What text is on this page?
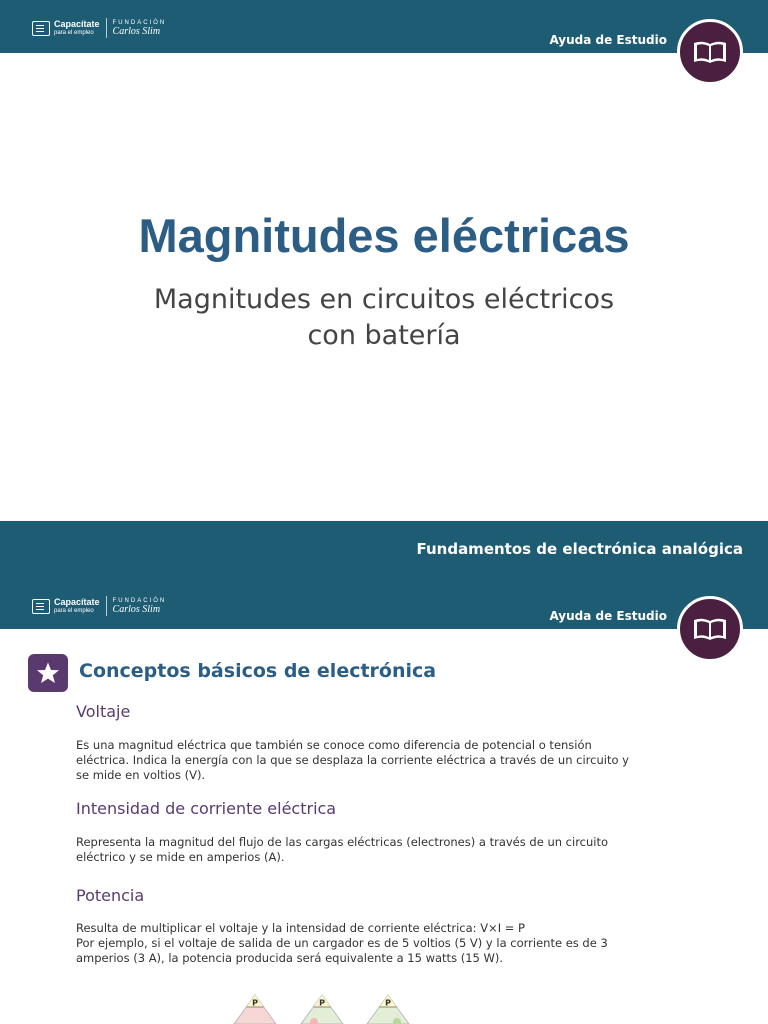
Capacítate
para el empleo
FUNDACIÓN
Carlos Slim
Ayuda de Estudio
Magnitudes eléctricas
Magnitudes en circuitos eléctricos
con batería
Capacítate
para el empleo
FUNDACIÓN
Carlos Slim	Ayuda de Estudio
Fundamentos de electrónica analógica
Conceptos básicos de electrónica
Voltaje
Es una magnitud eléctrica que también se conoce como diferencia de potencial o tensión
eléctrica. Indica la energía con la que se desplaza la corriente eléctrica a través de un circuito y
se mide en voltios (V).
Intensidad de corriente eléctrica
Representa la magnitud del flujo de las cargas eléctricas (electrones) a través de un circuito
eléctrico y se mide en amperios (A).
Potencia
Resulta de multiplicar el voltaje y la intensidad de corriente eléctrica: V×I = P
Por ejemplo, si el voltaje de salida de un cargador es de 5 voltios (5 V) y la corriente es de 3
amperios (3 A), la potencia producida será equivalente a 15 watts (15 W).
P	P	P
